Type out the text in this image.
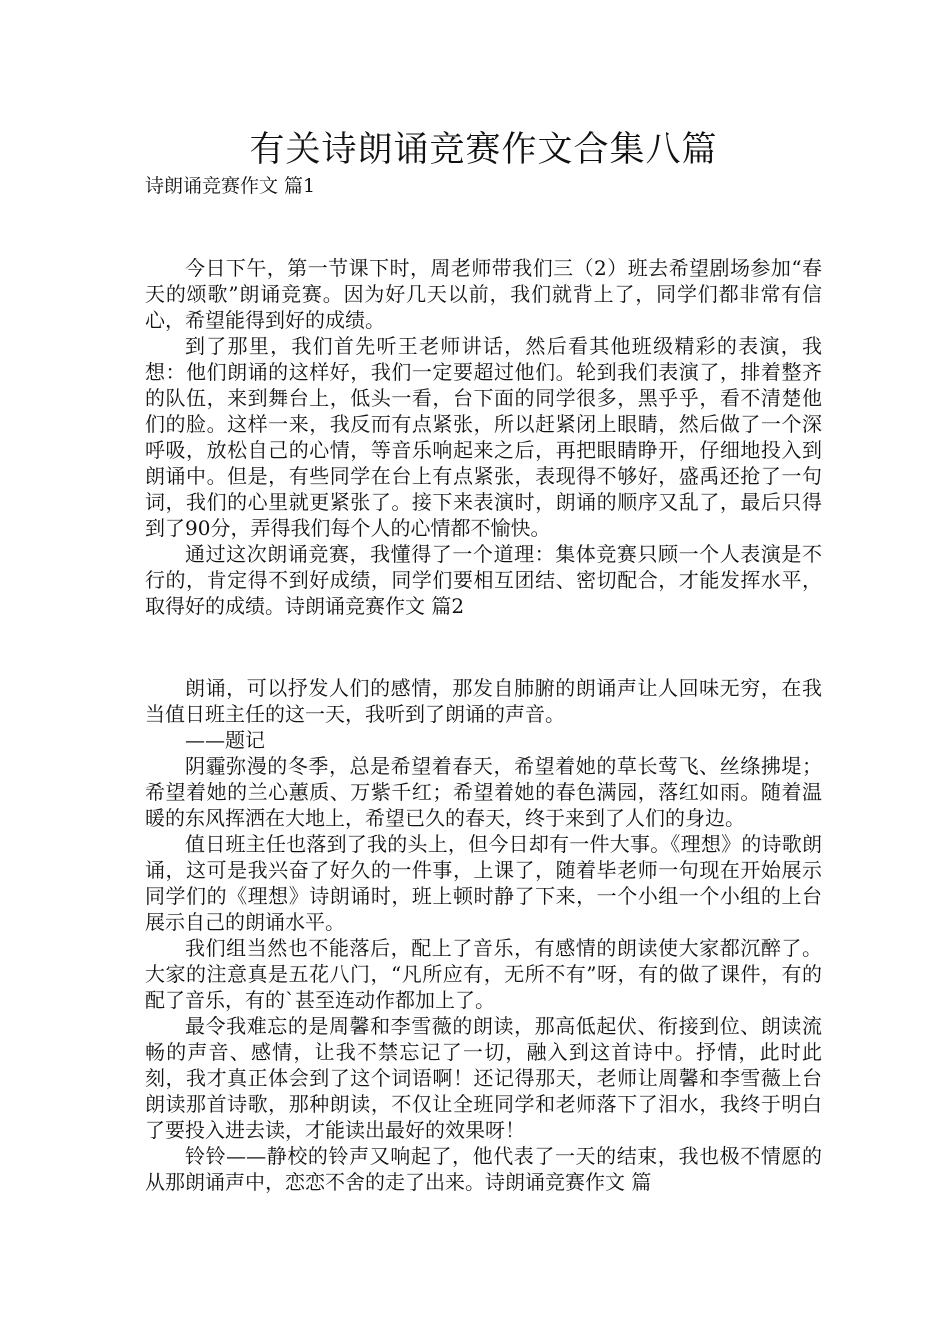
有关诗朗诵竞赛作文合集八篇

诗朗诵竞赛作文 篇1

今日下午，第一节课下时，周老师带我们三（2）班去希望剧场参加“春天的颂歌”朗诵竞赛。因为好几天以前，我们就背上了，同学们都非常有信心，希望能得到好的成绩。

到了那里，我们首先听王老师讲话，然后看其他班级精彩的表演，我想：他们朗诵的这样好，我们一定要超过他们。轮到我们表演了，排着整齐的队伍，来到舞台上，低头一看，台下面的同学很多，黑乎乎，看不清楚他们的脸。这样一来，我反而有点紧张，所以赶紧闭上眼睛，然后做了一个深呼吸，放松自己的心情，等音乐响起来之后，再把眼睛睁开，仔细地投入到朗诵中。但是，有些同学在台上有点紧张，表现得不够好，盛禹还抢了一句词，我们的心里就更紧张了。接下来表演时，朗诵的顺序又乱了，最后只得到了90分，弄得我们每个人的心情都不愉快。

通过这次朗诵竞赛，我懂得了一个道理：集体竞赛只顾一个人表演是不行的，肯定得不到好成绩，同学们要相互团结、密切配合，才能发挥水平，取得好的成绩。诗朗诵竞赛作文 篇2

朗诵，可以抒发人们的感情，那发自肺腑的朗诵声让人回味无穷，在我当值日班主任的这一天，我听到了朗诵的声音。

——题记

阴霾弥漫的冬季，总是希望着春天，希望着她的草长莺飞、丝绦拂堤；希望着她的兰心蕙质、万紫千红；希望着她的春色满园，落红如雨。随着温暖的东风挥洒在大地上，希望已久的春天，终于来到了人们的身边。

值日班主任也落到了我的头上，但今日却有一件大事。《理想》的诗歌朗诵，这可是我兴奋了好久的一件事，上课了，随着毕老师一句现在开始展示同学们的《理想》诗朗诵时，班上顿时静了下来，一个小组一个小组的上台展示自己的朗诵水平。

我们组当然也不能落后，配上了音乐，有感情的朗读使大家都沉醉了。大家的注意真是五花八门，“凡所应有，无所不有”呀，有的做了课件，有的配了音乐，有的`甚至连动作都加上了。

最令我难忘的是周馨和李雪薇的朗读，那高低起伏、衔接到位、朗读流畅的声音、感情，让我不禁忘记了一切，融入到这首诗中。抒情，此时此刻，我才真正体会到了这个词语啊！还记得那天，老师让周馨和李雪薇上台朗读那首诗歌，那种朗读，不仅让全班同学和老师落下了泪水，我终于明白了要投入进去读，才能读出最好的效果呀！

铃铃——静校的铃声又响起了，他代表了一天的结束，我也极不情愿的从那朗诵声中，恋恋不舍的走了出来。诗朗诵竞赛作文 篇
